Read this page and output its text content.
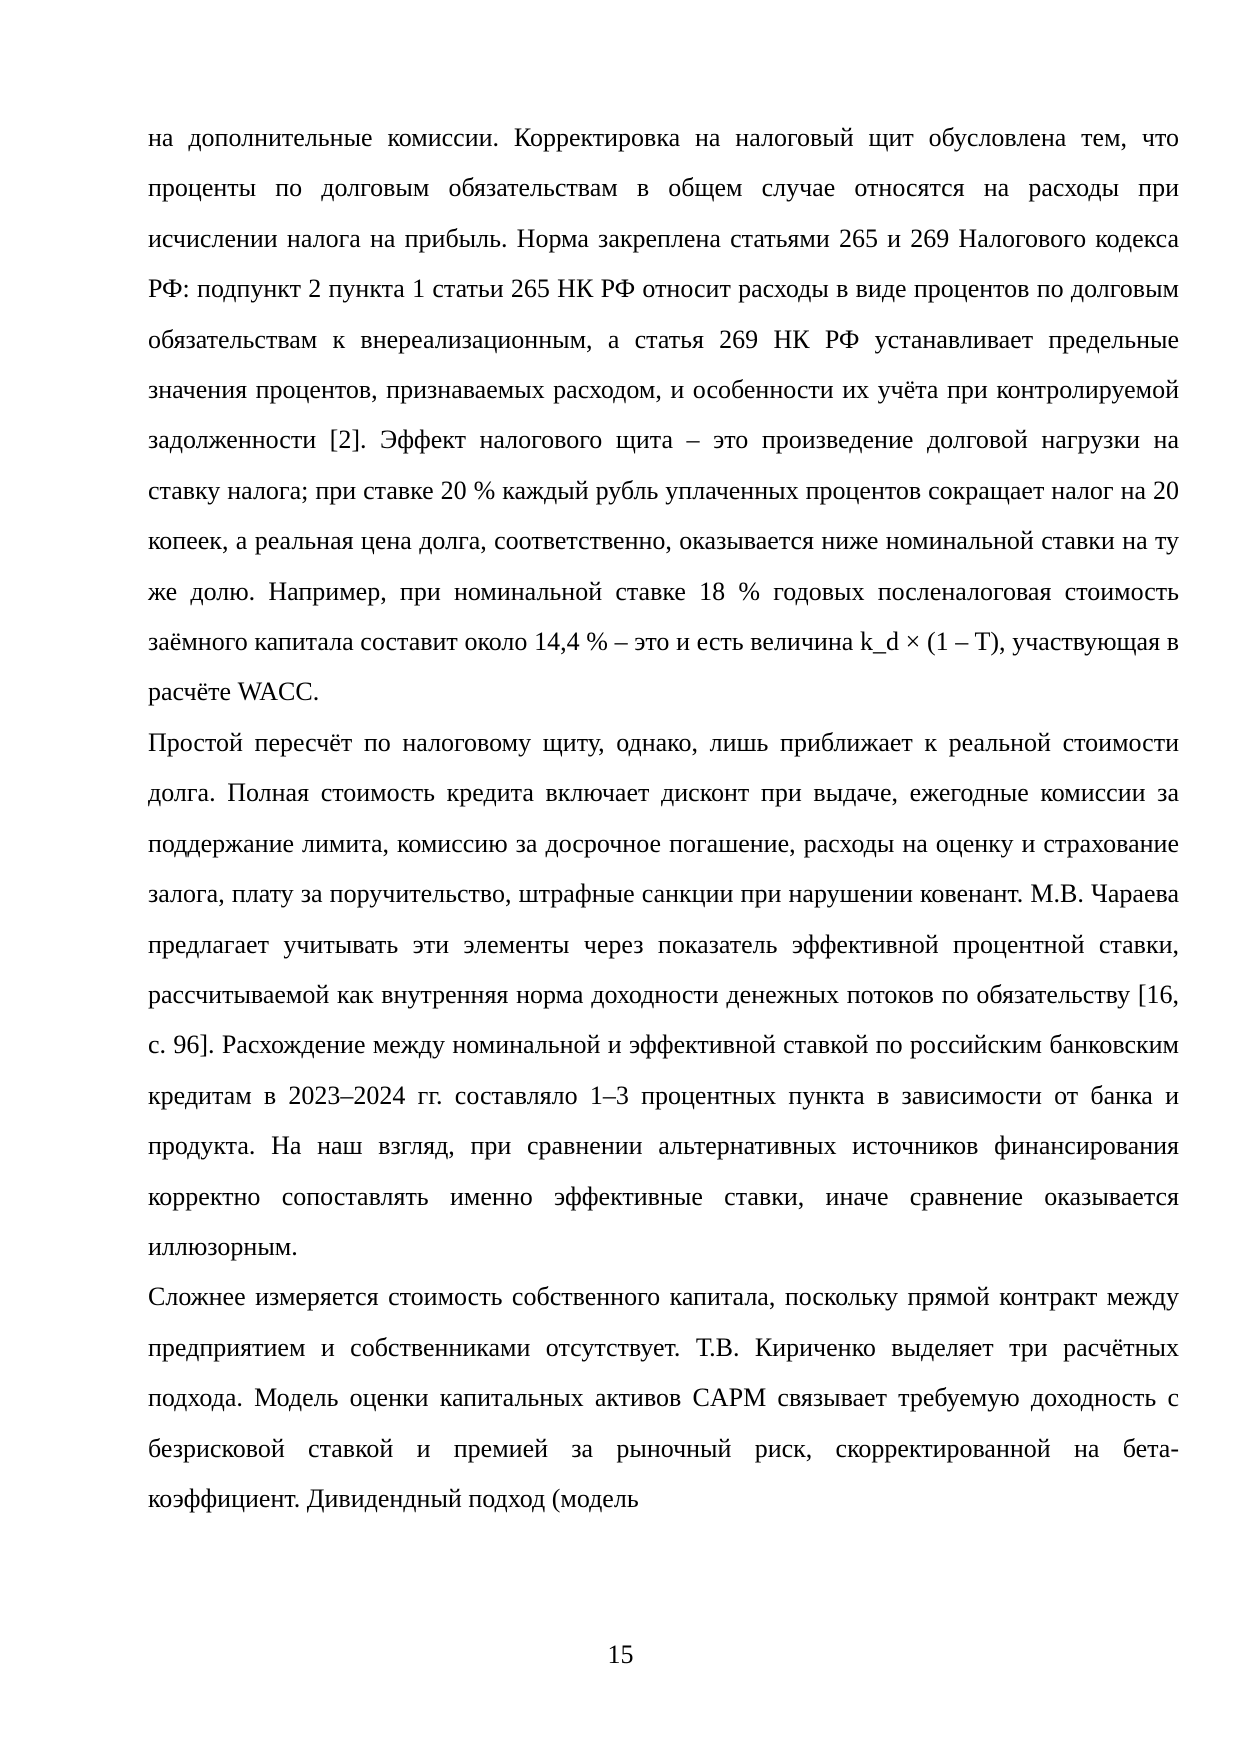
на дополнительные комиссии. Корректировка на налоговый щит обусловлена тем, что проценты по долговым обязательствам в общем случае относятся на расходы при исчислении налога на прибыль. Норма закреплена статьями 265 и 269 Налогового кодекса РФ: подпункт 2 пункта 1 статьи 265 НК РФ относит расходы в виде процентов по долговым обязательствам к внереализационным, а статья 269 НК РФ устанавливает предельные значения процентов, признаваемых расходом, и особенности их учёта при контролируемой задолженности [2]. Эффект налогового щита – это произведение долговой нагрузки на ставку налога; при ставке 20 % каждый рубль уплаченных процентов сокращает налог на 20 копеек, а реальная цена долга, соответственно, оказывается ниже номинальной ставки на ту же долю. Например, при номинальной ставке 18 % годовых посленалоговая стоимость заёмного капитала составит около 14,4 % – это и есть величина k_d × (1 – T), участвующая в расчёте WACC.

Простой пересчёт по налоговому щиту, однако, лишь приближает к реальной стоимости долга. Полная стоимость кредита включает дисконт при выдаче, ежегодные комиссии за поддержание лимита, комиссию за досрочное погашение, расходы на оценку и страхование залога, плату за поручительство, штрафные санкции при нарушении ковенант. М.В. Чараева предлагает учитывать эти элементы через показатель эффективной процентной ставки, рассчитываемой как внутренняя норма доходности денежных потоков по обязательству [16, с. 96]. Расхождение между номинальной и эффективной ставкой по российским банковским кредитам в 2023–2024 гг. составляло 1–3 процентных пункта в зависимости от банка и продукта. На наш взгляд, при сравнении альтернативных источников финансирования корректно сопоставлять именно эффективные ставки, иначе сравнение оказывается иллюзорным.

Сложнее измеряется стоимость собственного капитала, поскольку прямой контракт между предприятием и собственниками отсутствует. Т.В. Кириченко выделяет три расчётных подхода. Модель оценки капитальных активов CAPM связывает требуемую доходность с безрисковой ставкой и премией за рыночный риск, скорректированной на бета-коэффициент. Дивидендный подход (модель

15
